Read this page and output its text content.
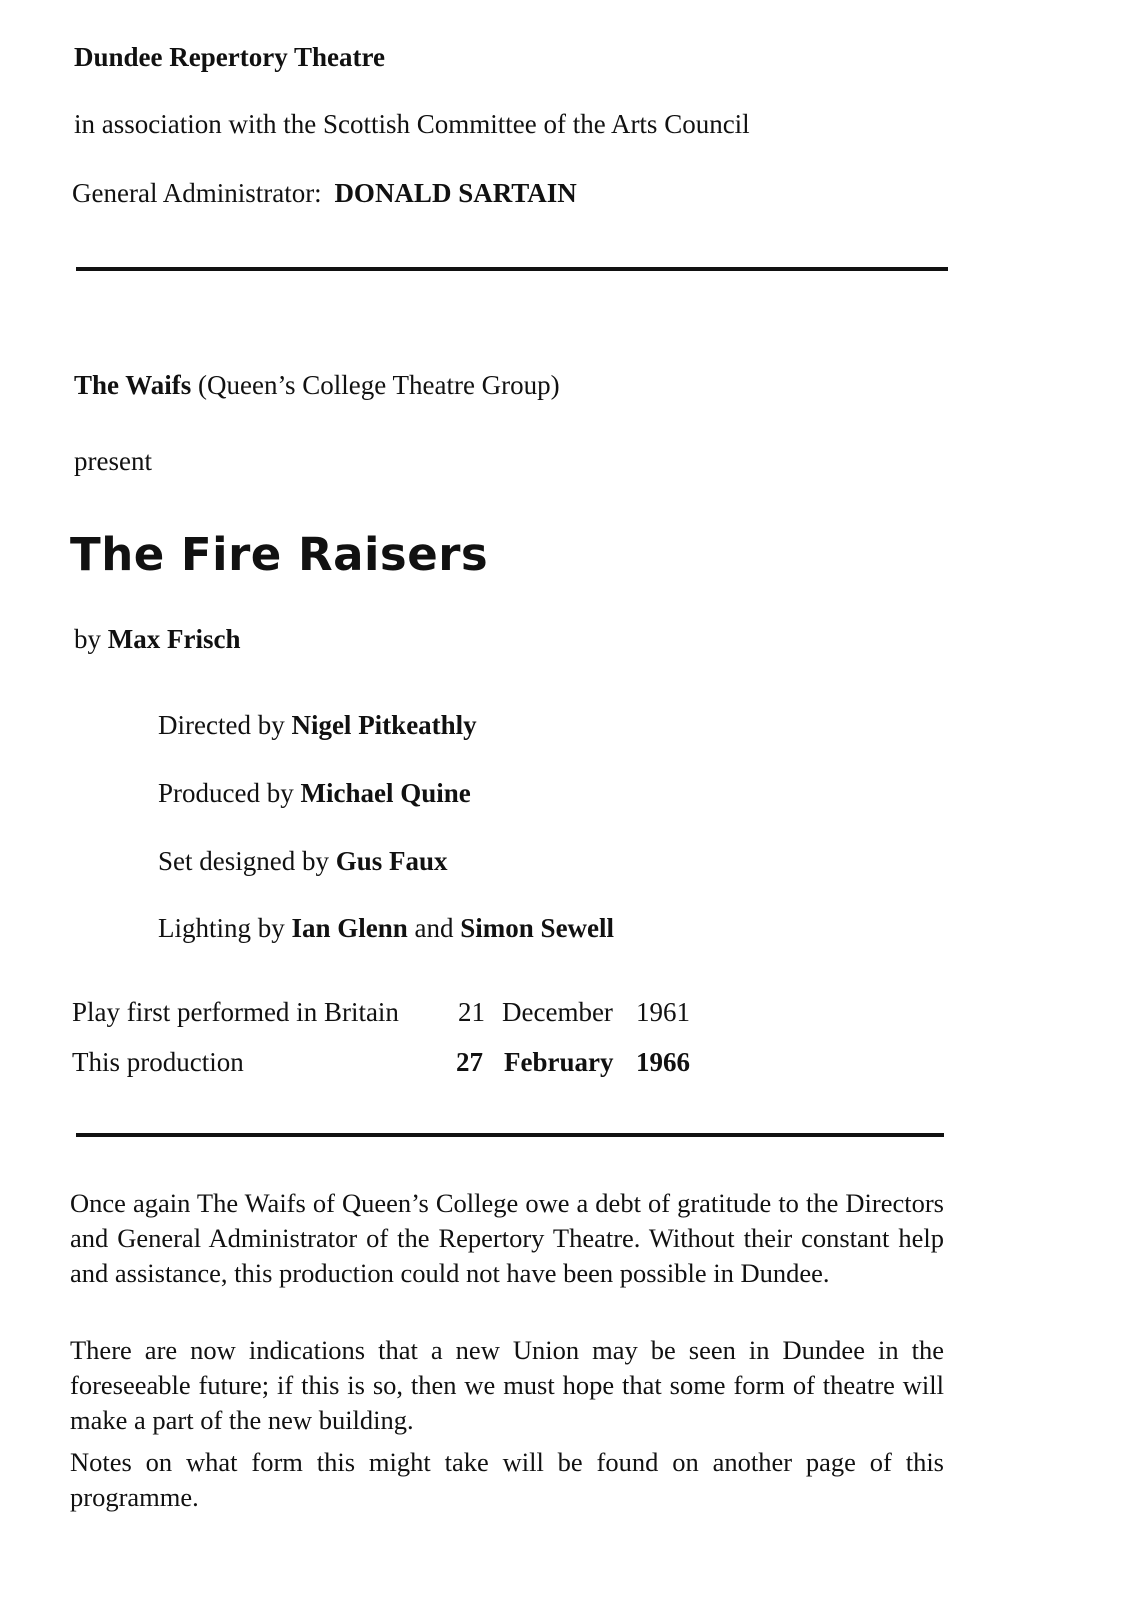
Dundee Repertory Theatre
in association with the Scottish Committee of the Arts Council
General Administrator: DONALD SARTAIN
The Waifs (Queen’s College Theatre Group)
present
The Fire Raisers
by Max Frisch
Directed by Nigel Pitkeathly
Produced by Michael Quine
Set designed by Gus Faux
Lighting by Ian Glenn and Simon Sewell
Play first performed in Britain 21 December 1961
This production	27 February 1966

Once again The Waifs of Queen’s College owe a debt of gratitude to the Directors and General Administrator of the Repertory Theatre. Without their constant help and assistance, this production could not have been possible in Dundee.

There are now indications that a new Union may be seen in Dundee in the foreseeable future; if this is so, then we must hope that some form of theatre will make a part of the new building.

Notes on what form this might take will be found on another page of this programme.
